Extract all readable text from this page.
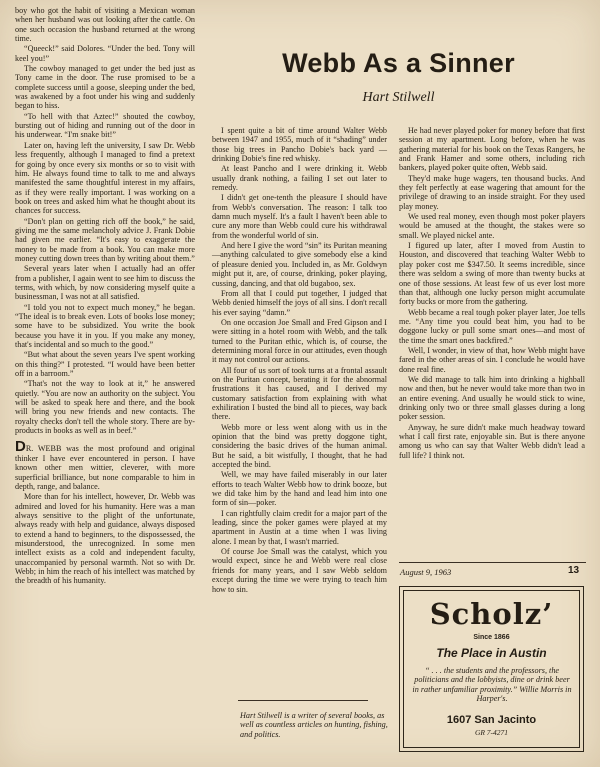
boy who got the habit of visiting a Mexican woman when her husband was out looking after the cattle. On one such occasion the husband returned at the wrong time.

“Queeck!” said Dolores. “Under the bed. Tony will keel you!”

The cowboy managed to get under the bed just as Tony came in the door. The ruse promised to be a complete success until a goose, sleeping under the bed, was awakened by a foot under his wing and suddenly began to hiss.

“To hell with that Aztec!” shouted the cowboy, bursting out of hiding and running out of the door in his underwear. “I'm snake bit!”

Later on, having left the university, I saw Dr. Webb less frequently, although I managed to find a pretext for going by once every six months or so to visit with him. He always found time to talk to me and always manifested the same thoughtful interest in my affairs, as if they were really important. I was working on a book on trees and asked him what he thought about its chances for success.

“Don't plan on getting rich off the book,” he said, giving me the same melancholy advice J. Frank Dobie had given me earlier. “It's easy to exaggerate the money to be made from a book. You can make more money cutting down trees than by writing about them.”

Several years later when I actually had an offer from a publisher, I again went to see him to discuss the terms, with which, by now considering myself quite a businessman, I was not at all satisfied.

“I told you not to expect much money,” he began. “The ideal is to break even. Lots of books lose money; some have to be subsidized. You write the book because you have it in you. If you make any money, that's incidental and so much to the good.”

“But what about the seven years I've spent working on this thing?” I protested. “I would have been better off in a barroom.”

“That's not the way to look at it,” he answered quietly. “You are now an authority on the subject. You will be asked to speak here and there, and the book will bring you new friends and new contacts. The royalty checks don't tell the whole story. There are by-products in books as well as in beef.”

DR. WEBB was the most profound and original thinker I have ever encountered in person. I have known other men wittier, cleverer, with more superficial brilliance, but none comparable to him in depth, range, and balance.

More than for his intellect, however, Dr. Webb was admired and loved for his humanity. Here was a man always sensitive to the plight of the unfortunate, always ready with help and guidance, always disposed to extend a hand to beginners, to the dispossessed, the misunderstood, the unrecognized. In some men intellect exists as a cold and independent faculty, unaccompanied by personal warmth. Not so with Dr. Webb; in him the reach of his intellect was matched by the breadth of his humanity.

Webb As a Sinner
Hart Stilwell

I spent quite a bit of time around Walter Webb between 1947 and 1955, much of it “shading” under those big trees in Pancho Dobie's back yard — drinking Dobie's fine red whisky.

At least Pancho and I were drinking it. Webb usually drank nothing, a failing I set out later to remedy.

I didn't get one-tenth the pleasure I should have from Webb's conversation. The reason: I talk too damn much myself. It's a fault I haven't been able to cure any more than Webb could cure his withdrawal from the wonderful world of sin.

And here I give the word “sin” its Puritan meaning—anything calculated to give somebody else a kind of pleasure denied you. Included in, as Mr. Goldwyn might put it, are, of course, drinking, poker playing, cussing, dancing, and that old bugaboo, sex.

From all that I could put together, I judged that Webb denied himself the joys of all sins. I don't recall his ever saying “damn.”

On one occasion Joe Small and Fred Gipson and I were sitting in a hotel room with Webb, and the talk turned to the Puritan ethic, which is, of course, the determining moral force in our attitudes, even though it may not control our actions.

All four of us sort of took turns at a frontal assault on the Puritan concept, berating it for the abnormal frustrations it has caused, and I derived my customary satisfaction from explaining with what exhiliration I busted the bind all to pieces, way back there.

Webb more or less went along with us in the opinion that the bind was pretty doggone tight, considering the basic drives of the human animal. But he said, a bit wistfully, I thought, that he had accepted the bind.

Well, we may have failed miserably in our later efforts to teach Walter Webb how to drink booze, but we did take him by the hand and lead him into one form of sin—poker.

I can rightfully claim credit for a major part of the leading, since the poker games were played at my apartment in Austin at a time when I was living alone. I mean by that, I wasn't married.

Of course Joe Small was the catalyst, which you would expect, since he and Webb were real close friends for many years, and I saw Webb seldom except during the time we were trying to teach him how to sin.

Hart Stilwell is a writer of several books, as well as countless articles on hunting, fishing, and politics.

He had never played poker for money before that first session at my apartment. Long before, when he was gathering material for his book on the Texas Rangers, he and Frank Hamer and some others, including rich bankers, played poker quite often, Webb said.

They'd make huge wagers, ten thousand bucks. And they felt perfectly at ease wagering that amount for the privilege of drawing to an inside straight. For they used play money.

We used real money, even though most poker players would be amused at the thought, the stakes were so small. We played nickel ante.

I figured up later, after I moved from Austin to Houston, and discovered that teaching Walter Webb to play poker cost me $347.50. It seems incredible, since there was seldom a swing of more than twenty bucks at one of those sessions. At least few of us ever lost more than that, although one lucky person might accumulate forty bucks or more from the gathering.

Webb became a real tough poker player later, Joe tells me. “Any time you could beat him, you had to be doggone lucky or pull some smart ones—and most of the time the smart ones backfired.”

Well, I wonder, in view of that, how Webb might have fared in the other areas of sin. I conclude he would have done real fine.

We did manage to talk him into drinking a highball now and then, but he never would take more than two in an entire evening. And usually he would stick to wine, drinking only two or three small glasses during a long poker session.

Anyway, he sure didn't make much headway toward what I call first rate, enjoyable sin. But is there anyone among us who can say that Walter Webb didn't lead a full life? I think not.

August 9, 1963	13
Scholz’
Since 1866
The Place in Austin
“ . . . the students and the professors, the politicians and the lobbyists, dine or drink beer in rather unfamiliar proximity.” Willie Morris in Harper's.
1607 San Jacinto
GR 7-4271
